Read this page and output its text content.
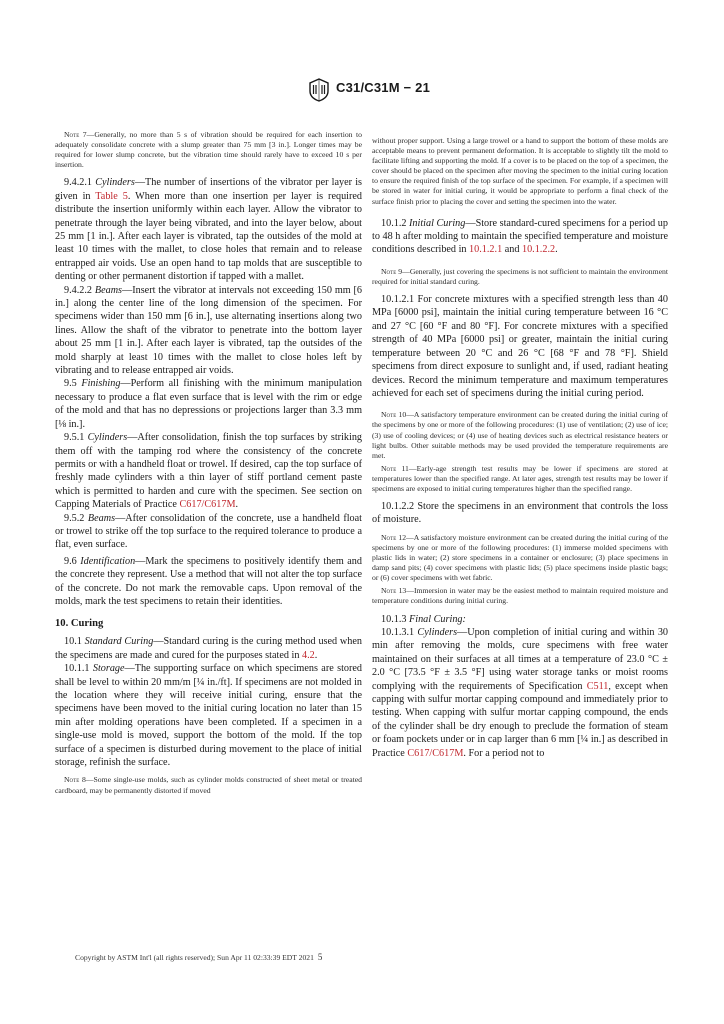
C31/C31M − 21

Note 7—Generally, no more than 5 s of vibration should be required for each insertion to adequately consolidate concrete with a slump greater than 75 mm [3 in.]. Longer times may be required for lower slump concrete, but the vibration time should rarely have to exceed 10 s per insertion.

9.4.2.1 Cylinders—The number of insertions of the vibrator per layer is given in Table 5. When more than one insertion per layer is required distribute the insertion uniformly within each layer. Allow the vibrator to penetrate through the layer being vibrated, and into the layer below, about 25 mm [1 in.]. After each layer is vibrated, tap the outsides of the mold at least 10 times with the mallet, to close holes that remain and to release entrapped air voids. Use an open hand to tap molds that are susceptible to denting or other permanent distortion if tapped with a mallet.

9.4.2.2 Beams—Insert the vibrator at intervals not exceeding 150 mm [6 in.] along the center line of the long dimension of the specimen. For specimens wider than 150 mm [6 in.], use alternating insertions along two lines. Allow the shaft of the vibrator to penetrate into the bottom layer about 25 mm [1 in.]. After each layer is vibrated, tap the outsides of the mold sharply at least 10 times with the mallet to close holes left by vibrating and to release entrapped air voids.

9.5 Finishing—Perform all finishing with the minimum manipulation necessary to produce a flat even surface that is level with the rim or edge of the mold and that has no depressions or projections larger than 3.3 mm [⅛ in.].

9.5.1 Cylinders—After consolidation, finish the top surfaces by striking them off with the tamping rod where the consistency of the concrete permits or with a handheld float or trowel. If desired, cap the top surface of freshly made cylinders with a thin layer of stiff portland cement paste which is permitted to harden and cure with the specimen. See section on Capping Materials of Practice C617/C617M.

9.5.2 Beams—After consolidation of the concrete, use a handheld float or trowel to strike off the top surface to the required tolerance to produce a flat, even surface.

9.6 Identification—Mark the specimens to positively identify them and the concrete they represent. Use a method that will not alter the top surface of the concrete. Do not mark the removable caps. Upon removal of the molds, mark the test specimens to retain their identities.

10. Curing

10.1 Standard Curing—Standard curing is the curing method used when the specimens are made and cured for the purposes stated in 4.2.

10.1.1 Storage—The supporting surface on which specimens are stored shall be level to within 20 mm/m [¼ in./ft]. If specimens are not molded in the location where they will receive initial curing, ensure that the specimens have been moved to the initial curing location no later than 15 min after molding operations have been completed. If a specimen in a single-use mold is moved, support the bottom of the mold. If the top surface of a specimen is disturbed during movement to the place of initial storage, refinish the surface.

Note 8—Some single-use molds, such as cylinder molds constructed of sheet metal or treated cardboard, may be permanently distorted if moved

without proper support. Using a large trowel or a hand to support the bottom of these molds are acceptable means to prevent permanent deformation. It is acceptable to slightly tilt the mold to facilitate lifting and supporting the mold. If a cover is to be placed on the top of a specimen, the cover should be placed on the specimen after moving the specimen to the initial curing location to ensure the required finish of the top surface of the specimen. For example, if a specimen will be stored in water for initial curing, it would be appropriate to perform a final check of the surface finish prior to placing the cover and setting the specimen into the water.

10.1.2 Initial Curing—Store standard-cured specimens for a period up to 48 h after molding to maintain the specified temperature and moisture conditions described in 10.1.2.1 and 10.1.2.2.

Note 9—Generally, just covering the specimens is not sufficient to maintain the environment required for initial standard curing.

10.1.2.1 For concrete mixtures with a specified strength less than 40 MPa [6000 psi], maintain the initial curing temperature between 16 °C and 27 °C [60 °F and 80 °F]. For concrete mixtures with a specified strength of 40 MPa [6000 psi] or greater, maintain the initial curing temperature between 20 °C and 26 °C [68 °F and 78 °F]. Shield specimens from direct exposure to sunlight and, if used, radiant heating devices. Record the minimum temperature and maximum temperatures achieved for each set of specimens during the initial curing period.

Note 10—A satisfactory temperature environment can be created during the initial curing of the specimens by one or more of the following procedures: (1) use of ventilation; (2) use of ice; (3) use of cooling devices; or (4) use of heating devices such as electrical resistance heaters or light bulbs. Other suitable methods may be used provided the temperature requirements are met.

Note 11—Early-age strength test results may be lower if specimens are stored at temperatures lower than the specified range. At later ages, strength test results may be lower if specimens are exposed to initial curing temperatures higher than the specified range.

10.1.2.2 Store the specimens in an environment that controls the loss of moisture.

Note 12—A satisfactory moisture environment can be created during the initial curing of the specimens by one or more of the following procedures: (1) immerse molded specimens with plastic lids in water; (2) store specimens in a container or enclosure; (3) place specimens in damp sand pits; (4) cover specimens with plastic lids; (5) place specimens inside plastic bags; or (6) cover specimens with wet fabric.

Note 13—Immersion in water may be the easiest method to maintain required moisture and temperature conditions during initial curing.

10.1.3 Final Curing:

10.1.3.1 Cylinders—Upon completion of initial curing and within 30 min after removing the molds, cure specimens with free water maintained on their surfaces at all times at a temperature of 23.0 °C ± 2.0 °C [73.5 °F ± 3.5 °F] using water storage tanks or moist rooms complying with the requirements of Specification C511, except when capping with sulfur mortar capping compound and immediately prior to testing. When capping with sulfur mortar capping compound, the ends of the cylinder shall be dry enough to preclude the formation of steam or foam pockets under or in cap larger than 6 mm [¼ in.] as described in Practice C617/C617M. For a period not to

Copyright by ASTM Int'l (all rights reserved); Sun Apr 11 02:33:39 EDT 2021 5
